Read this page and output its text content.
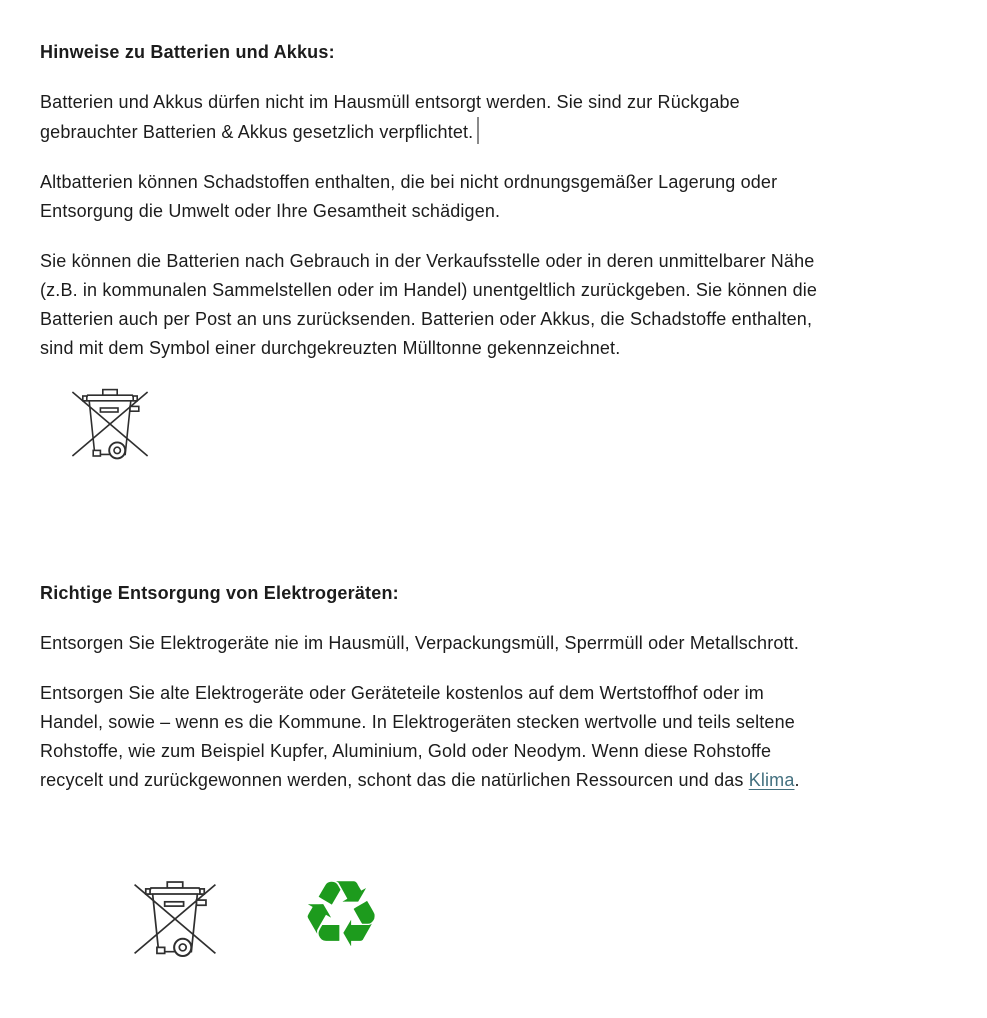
Hinweise zu Batterien und Akkus:

Batterien und Akkus dürfen nicht im Hausmüll entsorgt werden. Sie sind zur Rückgabe
gebrauchter Batterien & Akkus gesetzlich verpflichtet.

Altbatterien können Schadstoffen enthalten, die bei nicht ordnungsgemäßer Lagerung oder
Entsorgung die Umwelt oder Ihre Gesamtheit schädigen.

Sie können die Batterien nach Gebrauch in der Verkaufsstelle oder in deren unmittelbarer Nähe
(z.B. in kommunalen Sammelstellen oder im Handel) unentgeltlich zurückgeben. Sie können die
Batterien auch per Post an uns zurücksenden. Batterien oder Akkus, die Schadstoffe enthalten,
sind mit dem Symbol einer durchgekreuzten Mülltonne gekennzeichnet.

Richtige Entsorgung von Elektrogeräten:

Entsorgen Sie Elektrogeräte nie im Hausmüll, Verpackungsmüll, Sperrmüll oder Metallschrott.

Entsorgen Sie alte Elektrogeräte oder Geräteteile kostenlos auf dem Wertstoffhof oder im
Handel, sowie – wenn es die Kommune. In Elektrogeräten stecken wertvolle und teils seltene
Rohstoffe, wie zum Beispiel Kupfer, Aluminium, Gold oder Neodym. Wenn diese Rohstoffe
recycelt und zurückgewonnen werden, schont das die natürlichen Ressourcen und das Klima.

♻
